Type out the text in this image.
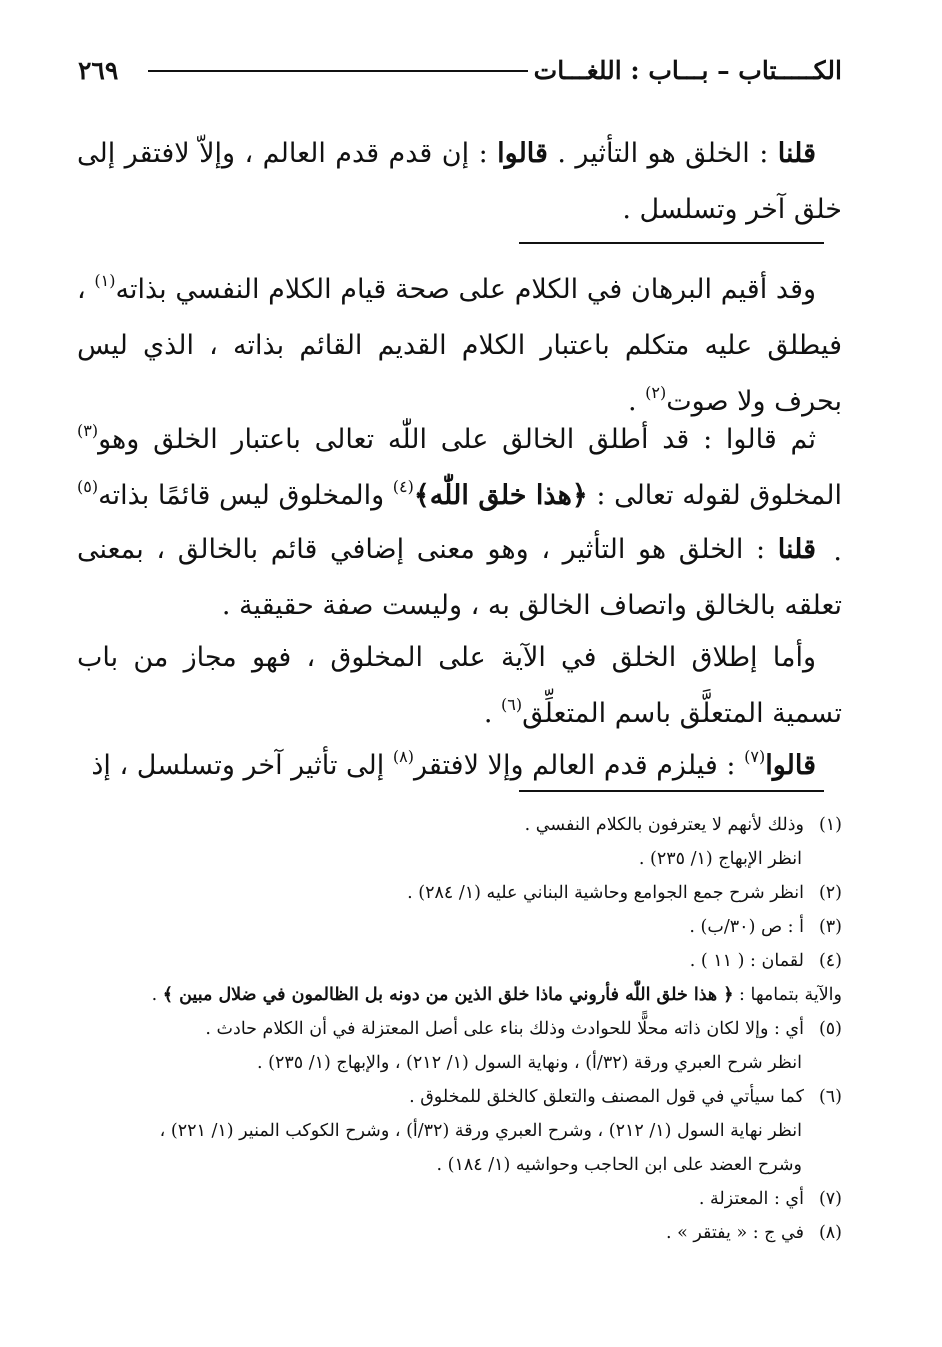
الكـــــتاب – بـــاب : اللغـــات
٢٦٩

قلنا : الخلق هو التأثير . قالوا : إن قدم قدم العالم ، وإلاّ لافتقر إلى خلق آخر وتسلسل .

وقد أقيم البرهان في الكلام على صحة قيام الكلام النفسي بذاته$^{(١)}$ ، فيطلق عليه متكلم باعتبار الكلام القديم القائم بذاته ، الذي ليس بحرف ولا صوت$^{(٢)}$ .

ثم قالوا : قد أطلق الخالق على اللّٰه تعالى باعتبار الخلق وهو$^{(٣)}$ المخلوق لقوله تعالى : ﴿هذا خلق اللّٰه﴾$^{(٤)}$ والمخلوق ليس قائمًا بذاته$^{(٥)}$ .

قلنا : الخلق هو التأثير ، وهو معنى إضافي قائم بالخالق ، بمعنى تعلقه بالخالق واتصاف الخالق به ، وليست صفة حقيقية .

وأما إطلاق الخلق في الآية على المخلوق ، فهو مجاز من باب تسمية المتعلَّق باسم المتعلِّق$^{(٦)}$ .

قالوا$^{(٧)}$ : فيلزم قدم العالم وإلا لافتقر$^{(٨)}$ إلى تأثير آخر وتسلسل ، إذ

(١)وذلك لأنهم لا يعترفون بالكلام النفسي .

انظر الإبهاج (١/ ٢٣٥) .

(٢)انظر شرح جمع الجوامع وحاشية البناني عليه (١/ ٢٨٤) .

(٣)أ : ص (٣٠/ب) .

(٤)لقمان : ( ١١ ) .

والآية بتمامها : ﴿ هذا خلق اللّٰه فأروني ماذا خلق الذين من دونه بل الظالمون في ضلال مبين ﴾ .

(٥)أي : وإلا لكان ذاته محلًّا للحوادث وذلك بناء على أصل المعتزلة في أن الكلام حادث .

انظر شرح العبري ورقة (٣٢/أ) ، ونهاية السول (١/ ٢١٢) ، والإبهاج (١/ ٢٣٥) .

(٦)كما سيأتي في قول المصنف والتعلق كالخلق للمخلوق .

انظر نهاية السول (١/ ٢١٢) ، وشرح العبري ورقة (٣٢/أ) ، وشرح الكوكب المنير (١/ ٢٢١) ،

وشرح العضد على ابن الحاجب وحواشيه (١/ ١٨٤) .

(٧)أي : المعتزلة .

(٨)في ج : « يفتقر » .
